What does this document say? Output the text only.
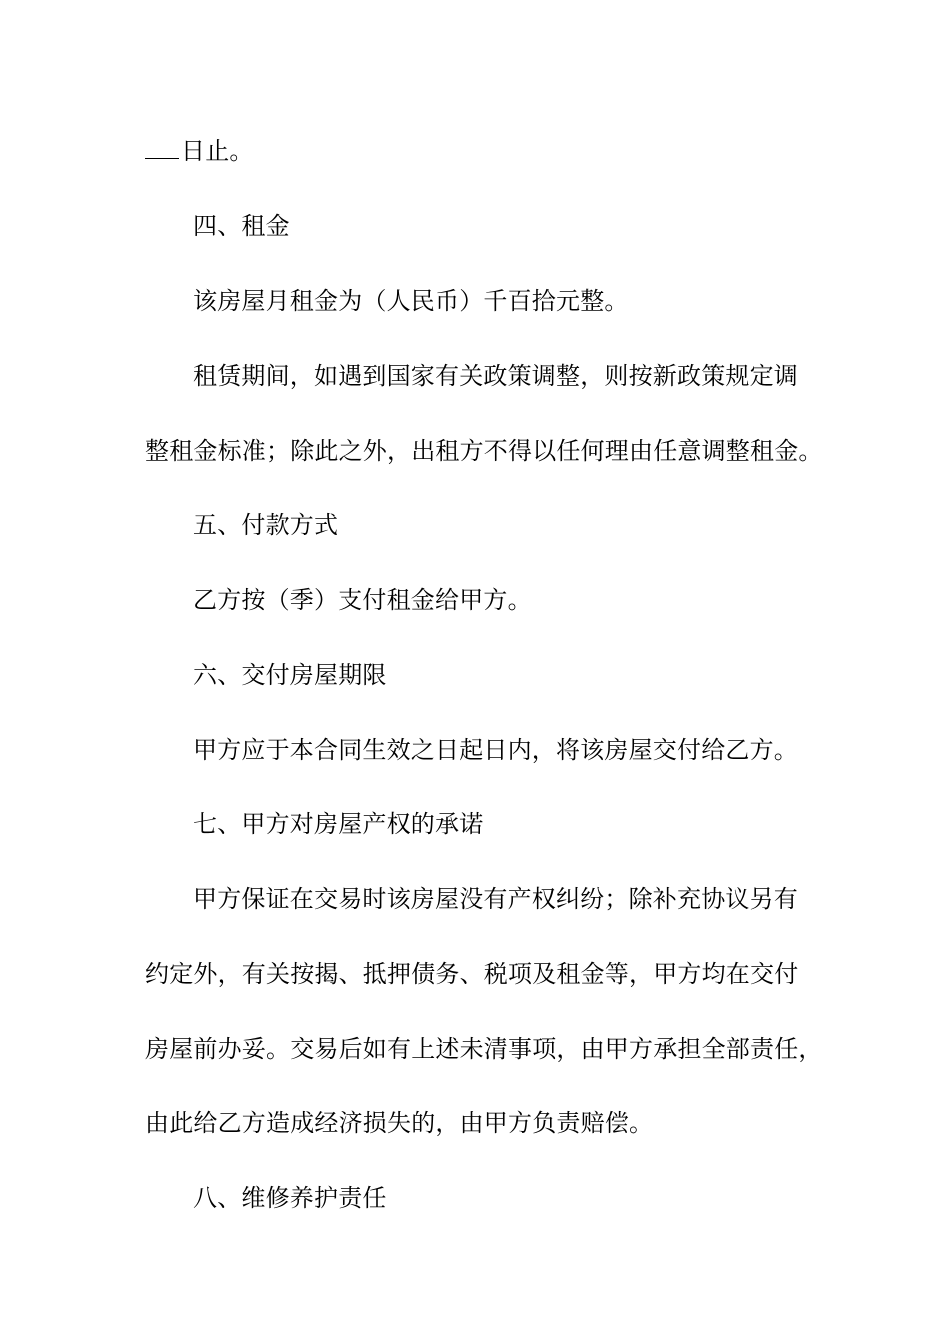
日止。
四、租金
该房屋月租金为（人民币）千百拾元整。
租赁期间，如遇到国家有关政策调整，则按新政策规定调
整租金标准；除此之外，出租方不得以任何理由任意调整租金。
五、付款方式
乙方按（季）支付租金给甲方。
六、交付房屋期限
甲方应于本合同生效之日起日内，将该房屋交付给乙方。
七、甲方对房屋产权的承诺
甲方保证在交易时该房屋没有产权纠纷；除补充协议另有
约定外，有关按揭、抵押债务、税项及租金等，甲方均在交付
房屋前办妥。交易后如有上述未清事项，由甲方承担全部责任，
由此给乙方造成经济损失的，由甲方负责赔偿。
八、维修养护责任
